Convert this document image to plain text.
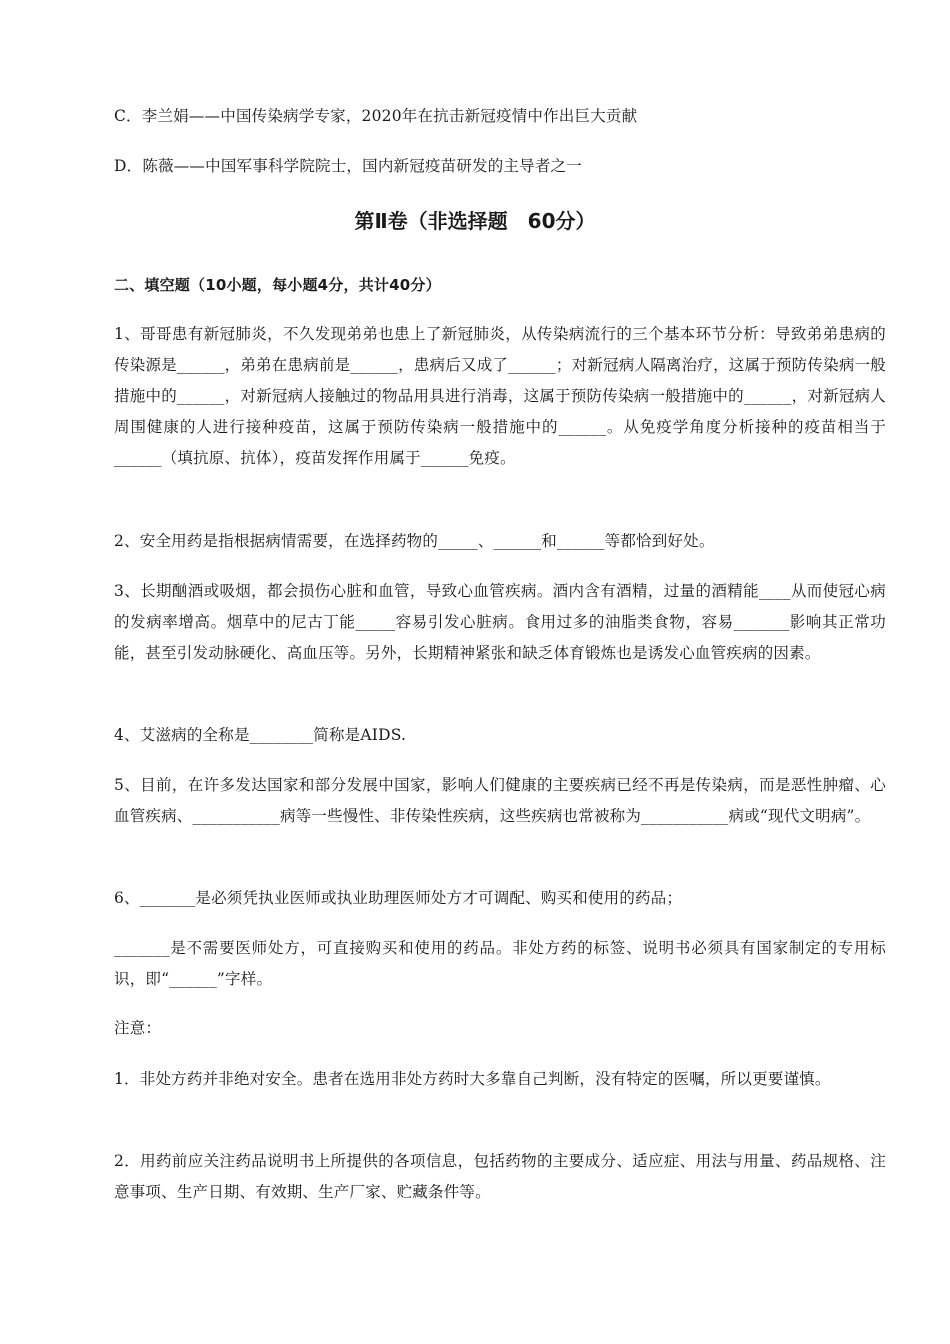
C．李兰娟——中国传染病学专家，2020年在抗击新冠疫情中作出巨大贡献

D．陈薇——中国军事科学院院士，国内新冠疫苗研发的主导者之一

第Ⅱ卷（非选择题　60分）

二、填空题（10小题，每小题4分，共计40分）

1、哥哥患有新冠肺炎，不久发现弟弟也患上了新冠肺炎，从传染病流行的三个基本环节分析：导致弟弟患病的传染源是______，弟弟在患病前是______，患病后又成了______；对新冠病人隔离治疗，这属于预防传染病一般措施中的______，对新冠病人接触过的物品用具进行消毒，这属于预防传染病一般措施中的______，对新冠病人周围健康的人进行接种疫苗，这属于预防传染病一般措施中的______。从免疫学角度分析接种的疫苗相当于______（填抗原、抗体），疫苗发挥作用属于______免疫。

2、安全用药是指根据病情需要，在选择药物的_____、______和______等都恰到好处。

3、长期酗酒或吸烟，都会损伤心脏和血管，导致心血管疾病。酒内含有酒精，过量的酒精能____从而使冠心病的发病率增高。烟草中的尼古丁能_____容易引发心脏病。食用过多的油脂类食物，容易_______影响其正常功能，甚至引发动脉硬化、高血压等。另外，长期精神紧张和缺乏体育锻炼也是诱发心血管疾病的因素。

4、艾滋病的全称是________简称是AIDS.

5、目前，在许多发达国家和部分发展中国家，影响人们健康的主要疾病已经不再是传染病，而是恶性肿瘤、心血管疾病、___________病等一些慢性、非传染性疾病，这些疾病也常被称为___________病或“现代文明病”。

6、_______是必须凭执业医师或执业助理医师处方才可调配、购买和使用的药品；

_______是不需要医师处方，可直接购买和使用的药品。非处方药的标签、说明书必须具有国家制定的专用标识，即“______”字样。

注意：

1．非处方药并非绝对安全。患者在选用非处方药时大多靠自己判断，没有特定的医嘱，所以更要谨慎。

2．用药前应关注药品说明书上所提供的各项信息，包括药物的主要成分、适应症、用法与用量、药品规格、注意事项、生产日期、有效期、生产厂家、贮藏条件等。
